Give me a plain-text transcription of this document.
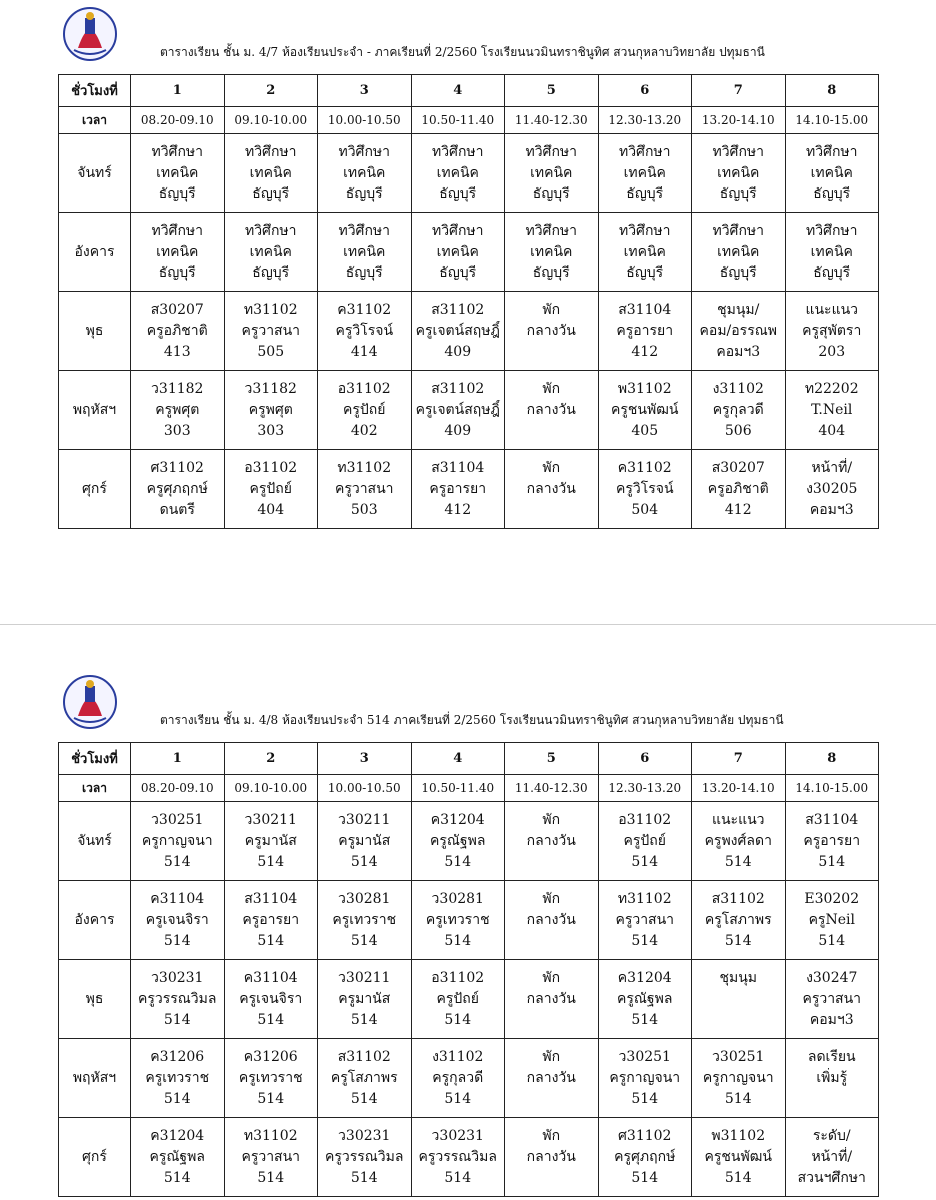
ตารางเรียน ชั้น ม. 4/7 ห้องเรียนประจำ - ภาคเรียนที่ 2/2560 โรงเรียนนวมินทราชินูทิศ สวนกุหลาบวิทยาลัย ปทุมธานี
ชั่วโมงที่	1	2	3	4	5	6	7	8
เวลา	08.20-09.10	09.10-10.00	10.00-10.50	10.50-11.40	11.40-12.30	12.30-13.20	13.20-14.10	14.10-15.00
จันทร์	ทวิศึกษา
เทคนิค
ธัญบุรี	ทวิศึกษา
เทคนิค
ธัญบุรี	ทวิศึกษา
เทคนิค
ธัญบุรี	ทวิศึกษา
เทคนิค
ธัญบุรี	ทวิศึกษา
เทคนิค
ธัญบุรี	ทวิศึกษา
เทคนิค
ธัญบุรี	ทวิศึกษา
เทคนิค
ธัญบุรี	ทวิศึกษา
เทคนิค
ธัญบุรี

อังคาร	ทวิศึกษา
เทคนิค
ธัญบุรี	ทวิศึกษา
เทคนิค
ธัญบุรี	ทวิศึกษา
เทคนิค
ธัญบุรี	ทวิศึกษา
เทคนิค
ธัญบุรี	ทวิศึกษา
เทคนิค
ธัญบุรี	ทวิศึกษา
เทคนิค
ธัญบุรี	ทวิศึกษา
เทคนิค
ธัญบุรี	ทวิศึกษา
เทคนิค
ธัญบุรี

พุธ	ส30207
ครูอภิชาติ
413	ท31102
ครูวาสนา
505	ค31102
ครูวิโรจน์
414	ส31102
ครูเจตน์สฤษฎิ์
409	พัก
กลางวัน	ส31104
ครูอารยา
412	ชุมนุม/
คอม/อรรณพ
คอมฯ3	แนะแนว
ครูสุพัตรา
203

พฤหัสฯ	ว31182
ครูพศุต
303	ว31182
ครูพศุต
303	อ31102
ครูปัถย์
402	ส31102
ครูเจตน์สฤษฎิ์
409	พัก
กลางวัน	พ31102
ครูชนพัฒน์
405	ง31102
ครูกุลวดี
506	ท22202
T.Neil
404

ศุกร์	ศ31102
ครูศุภฤกษ์
ดนตรี	อ31102
ครูปัถย์
404	ท31102
ครูวาสนา
503	ส31104
ครูอารยา
412	พัก
กลางวัน	ค31102
ครูวิโรจน์
504	ส30207
ครูอภิชาติ
412	หน้าที่/
ง30205
คอมฯ3
ตารางเรียน ชั้น ม. 4/8 ห้องเรียนประจำ 514 ภาคเรียนที่ 2/2560 โรงเรียนนวมินทราชินูทิศ สวนกุหลาบวิทยาลัย ปทุมธานี
ชั่วโมงที่	1	2	3	4	5	6	7	8
เวลา	08.20-09.10	09.10-10.00	10.00-10.50	10.50-11.40	11.40-12.30	12.30-13.20	13.20-14.10	14.10-15.00
จันทร์	ว30251
ครูกาญจนา
514	ว30211
ครูมานัส
514	ว30211
ครูมานัส
514	ค31204
ครูณัฐพล
514	พัก
กลางวัน	อ31102
ครูปัถย์
514	แนะแนว
ครูพงศ์ลดา
514	ส31104
ครูอารยา
514

อังคาร	ค31104
ครูเจนจิรา
514	ส31104
ครูอารยา
514	ว30281
ครูเทวราช
514	ว30281
ครูเทวราช
514	พัก
กลางวัน	ท31102
ครูวาสนา
514	ส31102
ครูโสภาพร
514	E30202
ครูNeil
514

พุธ	ว30231
ครูวรรณวิมล
514	ค31104
ครูเจนจิรา
514	ว30211
ครูมานัส
514	อ31102
ครูปัถย์
514	พัก
กลางวัน	ค31204
ครูณัฐพล
514	ชุมนุม	ง30247
ครูวาสนา
คอมฯ3

พฤหัสฯ	ค31206
ครูเทวราช
514	ค31206
ครูเทวราช
514	ส31102
ครูโสภาพร
514	ง31102
ครูกุลวดี
514	พัก
กลางวัน	ว30251
ครูกาญจนา
514	ว30251
ครูกาญจนา
514	ลดเรียน
เพิ่มรู้

ศุกร์	ค31204
ครูณัฐพล
514	ท31102
ครูวาสนา
514	ว30231
ครูวรรณวิมล
514	ว30231
ครูวรรณวิมล
514	พัก
กลางวัน	ศ31102
ครูศุภฤกษ์
514	พ31102
ครูชนพัฒน์
514	ระดับ/
หน้าที่/
สวนฯศึกษา
